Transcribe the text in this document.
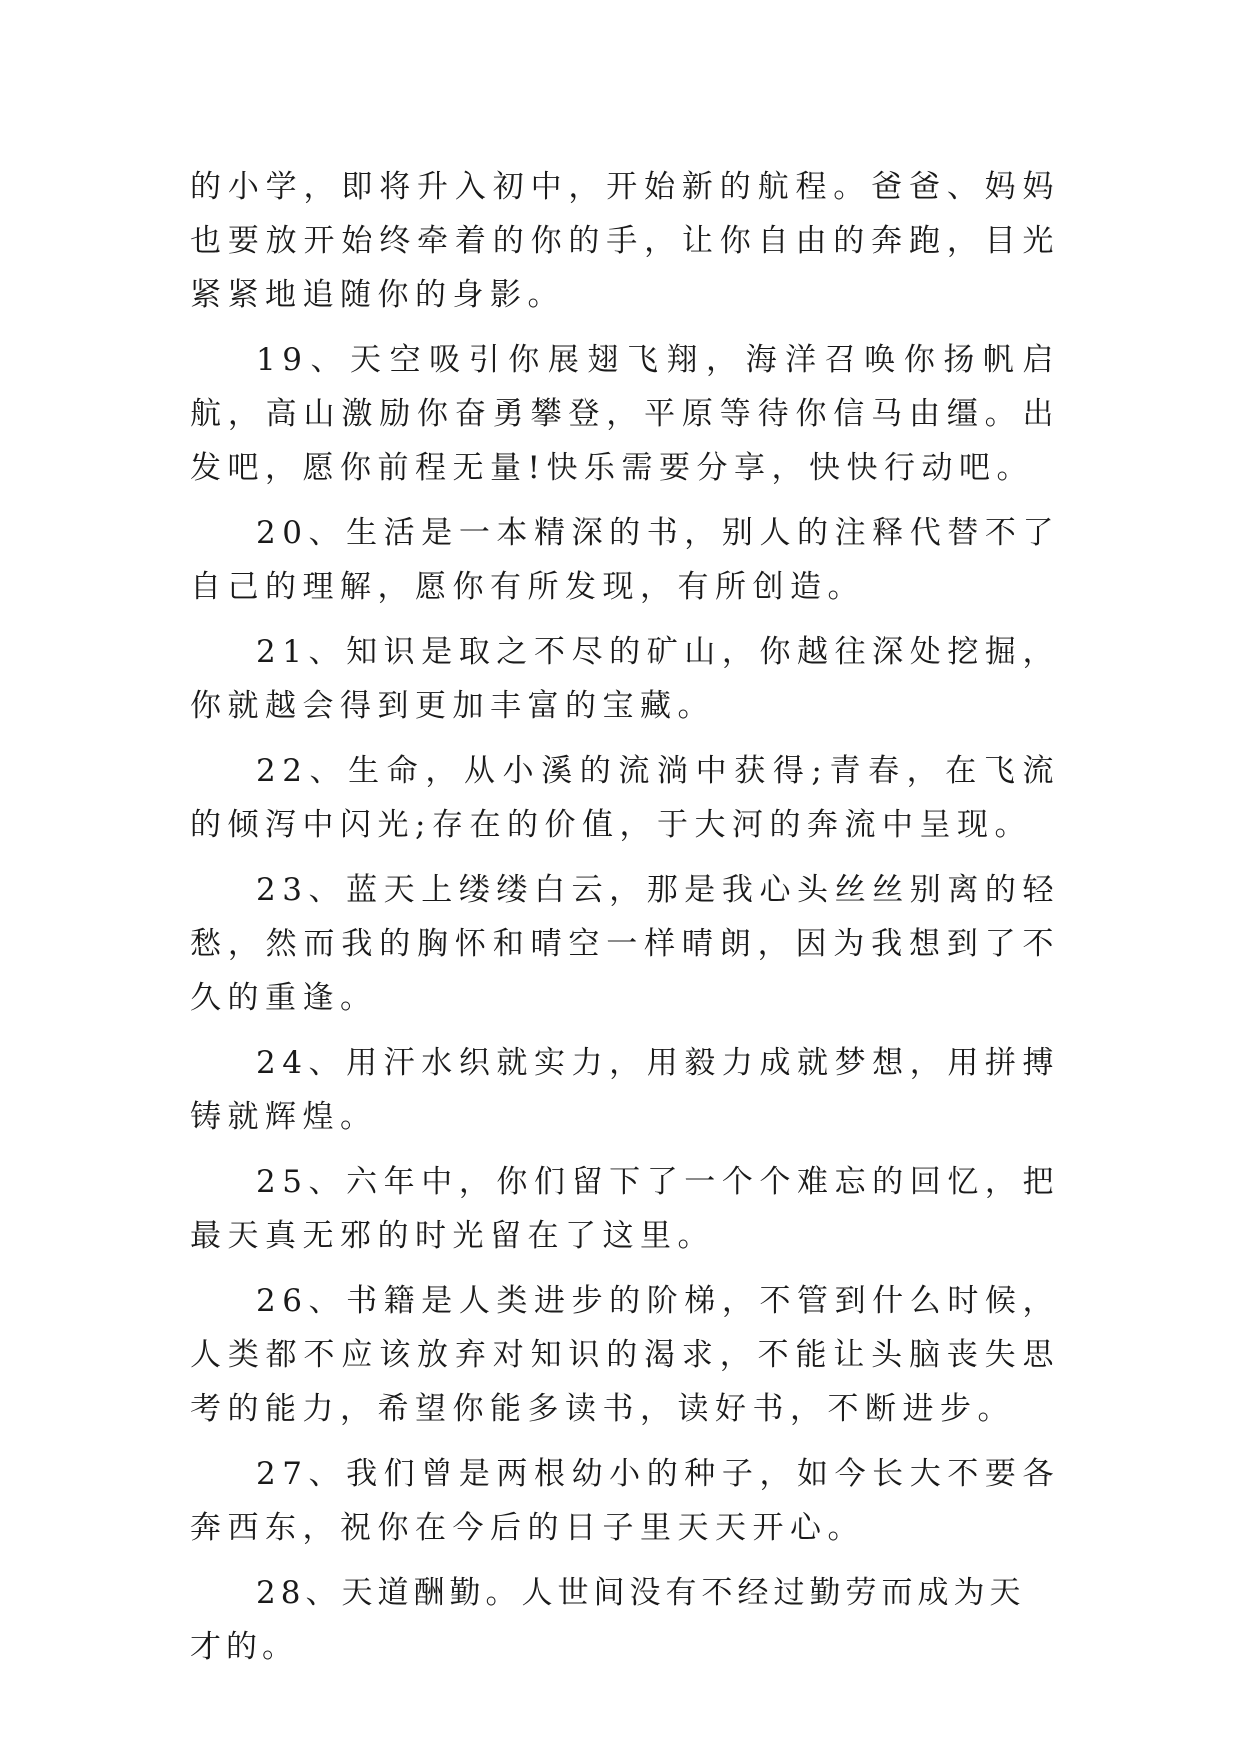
的小学，即将升入初中，开始新的航程。爸爸、妈妈也要放开始终牵着的你的手，让你自由的奔跑，目光紧紧地追随你的身影。

19、天空吸引你展翅飞翔，海洋召唤你扬帆启航，高山激励你奋勇攀登，平原等待你信马由缰。出发吧，愿你前程无量!快乐需要分享，快快行动吧。

20、生活是一本精深的书，别人的注释代替不了自己的理解，愿你有所发现，有所创造。

21、知识是取之不尽的矿山，你越往深处挖掘，你就越会得到更加丰富的宝藏。

22、生命，从小溪的流淌中获得;青春，在飞流的倾泻中闪光;存在的价值，于大河的奔流中呈现。

23、蓝天上缕缕白云，那是我心头丝丝别离的轻愁，然而我的胸怀和晴空一样晴朗，因为我想到了不久的重逢。

24、用汗水织就实力，用毅力成就梦想，用拼搏铸就辉煌。

25、六年中，你们留下了一个个难忘的回忆，把最天真无邪的时光留在了这里。

26、书籍是人类进步的阶梯，不管到什么时候，人类都不应该放弃对知识的渴求，不能让头脑丧失思考的能力，希望你能多读书，读好书，不断进步。

27、我们曾是两根幼小的种子，如今长大不要各奔西东，祝你在今后的日子里天天开心。

28、天道酬勤。人世间没有不经过勤劳而成为天才的。
